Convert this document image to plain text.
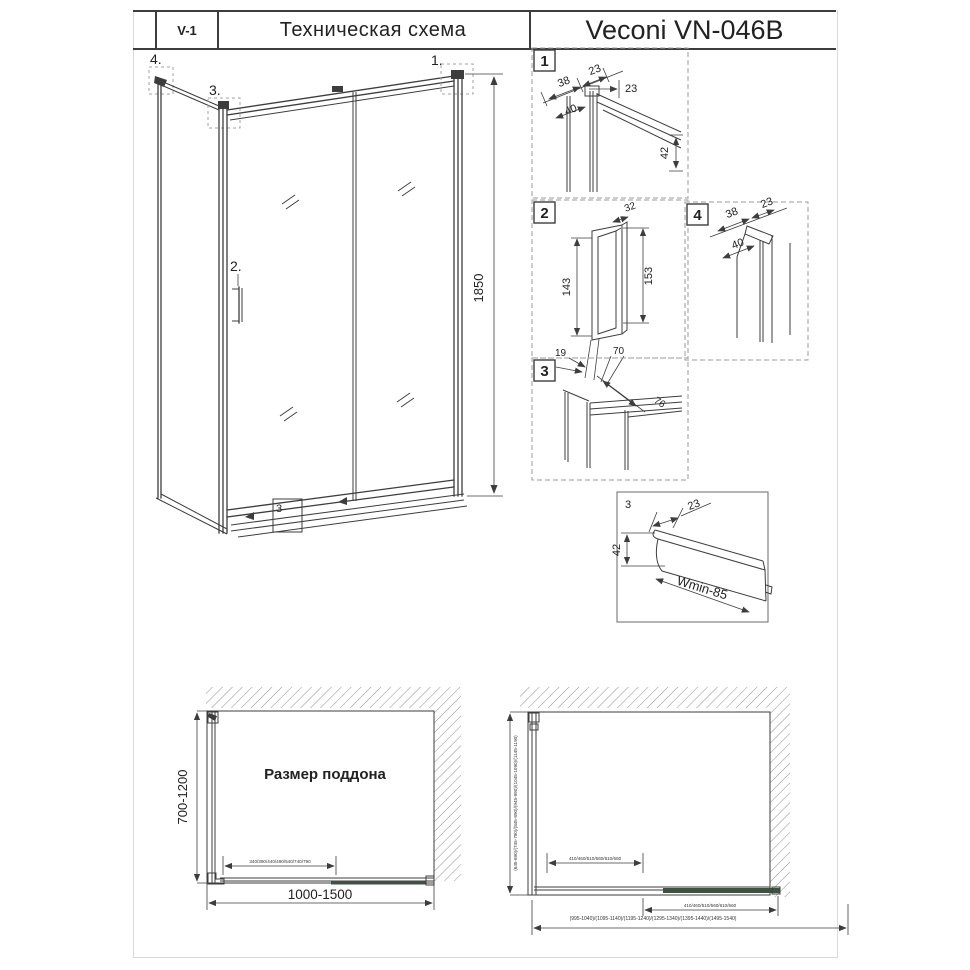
V-1	Техническая схема	Veconi VN-046B
4.
3.
1.
2.
3
1850
1
38
23
23
40
42
2	32
143
153
19	70
3
76
4 38
23
40
3	23
42
Wmin-85
Размер поддона
700-1200
1000-1500
340/390/440/490/540/740/790	(645-690)/(745-790)/(845-890)/(945-990)/(1045-1090)/(1145-1190)	410/460/510/560/610/660
410/460/510/560/610/660
(995-1040)/(1095-1140)/(1195-1240)/(1295-1340)/(1395-1440)/(1495-1540)
